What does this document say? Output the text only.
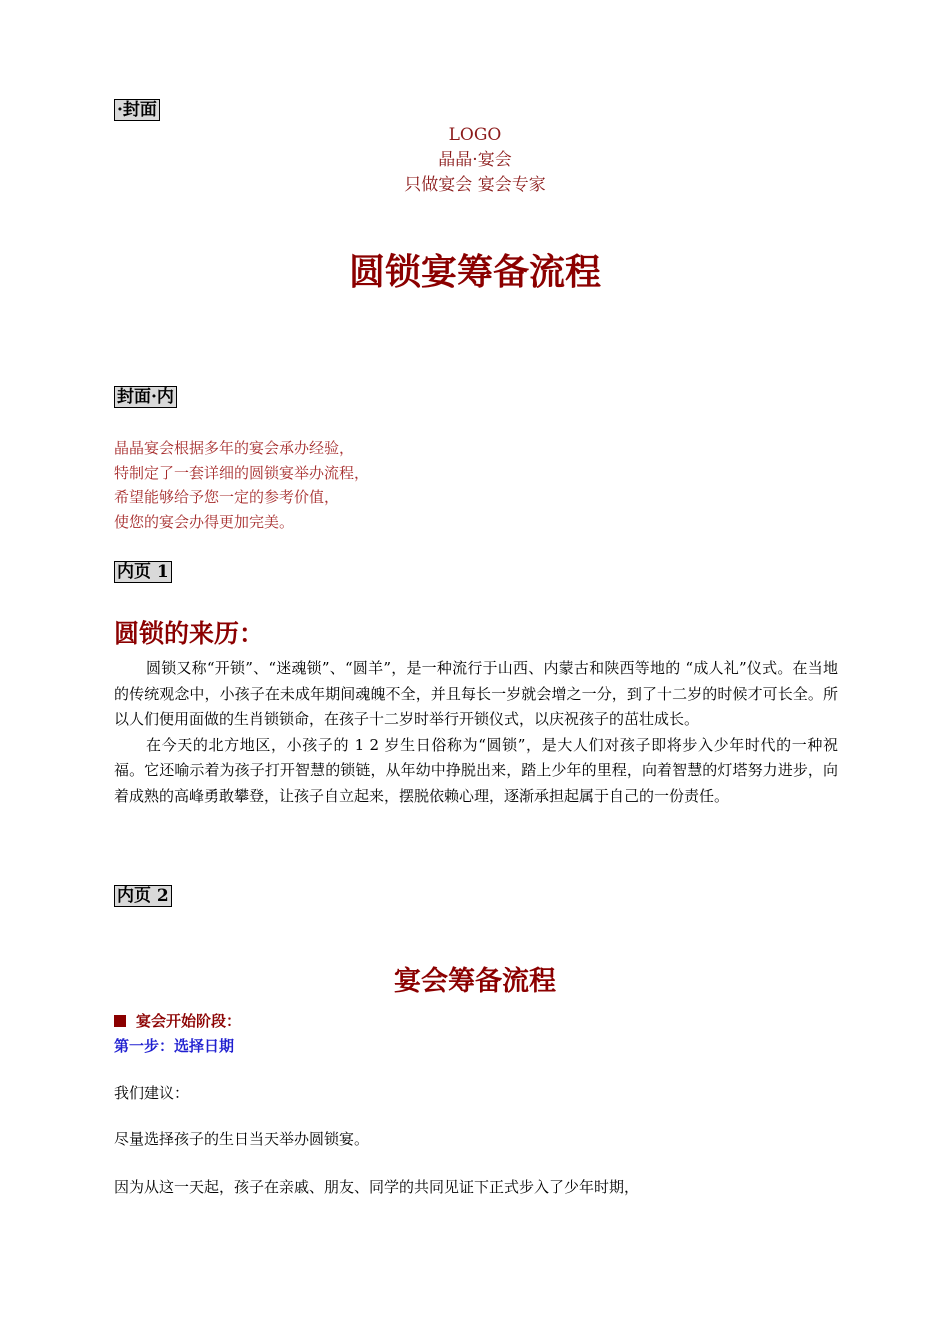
·封面
LOGO
晶晶·宴会
只做宴会 宴会专家
圆锁宴筹备流程
封面·内
晶晶宴会根据多年的宴会承办经验，
特制定了一套详细的圆锁宴举办流程，
希望能够给予您一定的参考价值，
使您的宴会办得更加完美。
内页 1
圆锁的来历：

圆锁又称“开锁”、“迷魂锁”、“圆羊”，是一种流行于山西、内蒙古和陕西等地的 “成人礼”仪式。在当地的传统观念中，小孩子在未成年期间魂魄不全，并且每长一岁就会增之一分，到了十二岁的时候才可长全。所以人们便用面做的生肖锁锁命，在孩子十二岁时举行开锁仪式，以庆祝孩子的茁壮成长。

在今天的北方地区，小孩子的 1 2 岁生日俗称为“圆锁”，是大人们对孩子即将步入少年时代的一种祝福。它还喻示着为孩子打开智慧的锁链，从年幼中挣脱出来，踏上少年的里程，向着智慧的灯塔努力进步，向着成熟的高峰勇敢攀登，让孩子自立起来，摆脱依赖心理，逐渐承担起属于自己的一份责任。

内页 2
宴会筹备流程
宴会开始阶段：
第一步：选择日期
我们建议：
尽量选择孩子的生日当天举办圆锁宴。
因为从这一天起，孩子在亲戚、朋友、同学的共同见证下正式步入了少年时期，
